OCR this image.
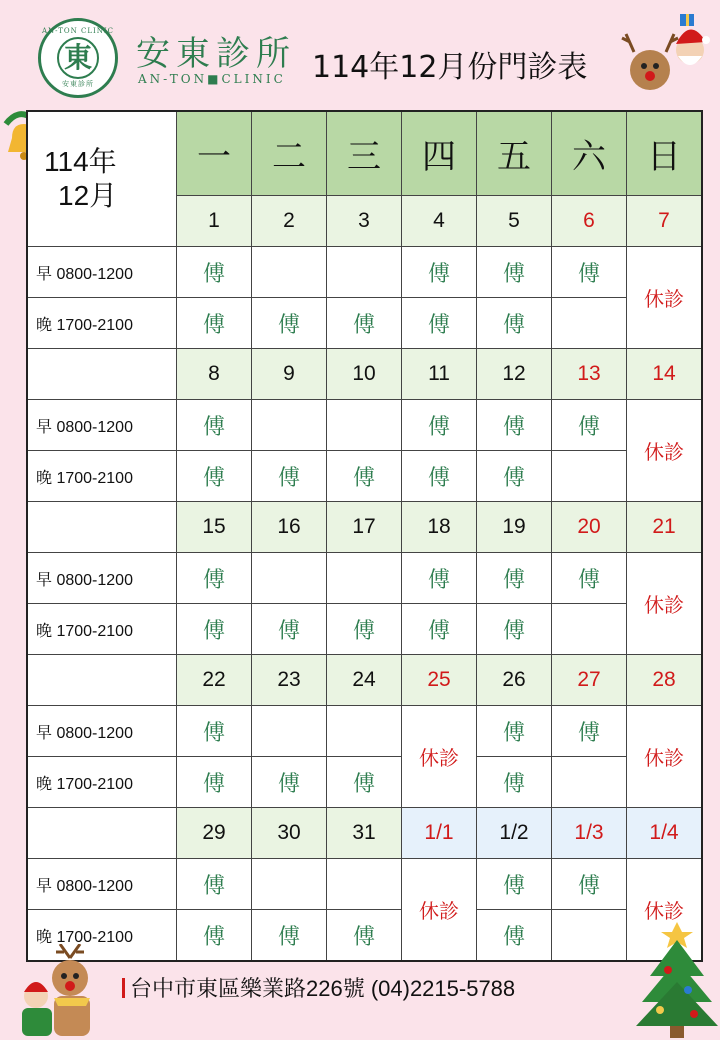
AN-TON CLINIC
東
安東診所
安東診所
AN-TON■CLINIC 114年12月份門診表
114年
12月	一	二	三	四	五	六	日
	1	2	3	4	5	6	7
早 0800-1200	傅			傅	傅	傅	休診
晚 1700-2100	傅	傅	傅	傅	傅		
	8	9	10	11	12	13	14
早 0800-1200	傅			傅	傅	傅	休診
晚 1700-2100	傅	傅	傅	傅	傅		
	15	16	17	18	19	20	21
早 0800-1200	傅			傅	傅	傅	休診
晚 1700-2100	傅	傅	傅	傅	傅		
	22	23	24	25	26	27	28
早 0800-1200	傅			休診	傅	傅	休診
晚 1700-2100	傅	傅	傅		傅		
	29	30	31	1/1	1/2	1/3	1/4
早 0800-1200	傅			休診	傅	傅	休診
晚 1700-2100	傅	傅	傅		傅		
台中市東區樂業路226號 (04)2215-5788
